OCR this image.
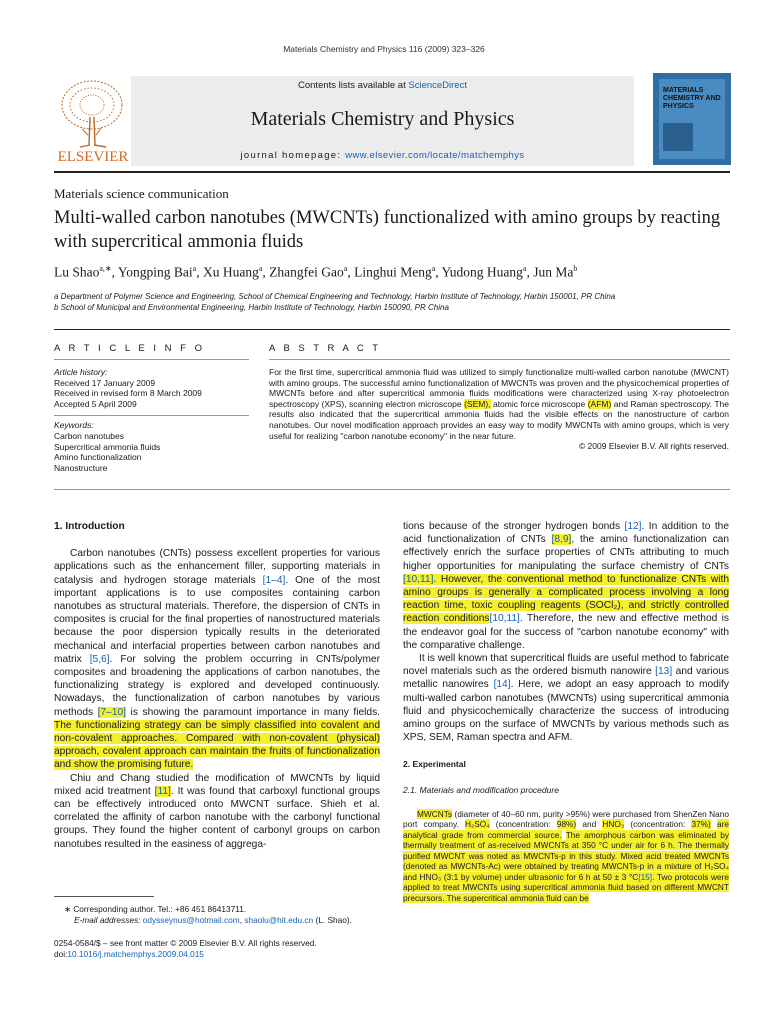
Materials Chemistry and Physics 116 (2009) 323–326
ELSEVIER
Contents lists available at ScienceDirect
Materials Chemistry and Physics
journal homepage: www.elsevier.com/locate/matchemphys
MATERIALS CHEMISTRY AND PHYSICS
Materials science communication
Multi-walled carbon nanotubes (MWCNTs) functionalized with amino groups by reacting with supercritical ammonia fluids
Lu Shao$^{a,∗}$, Yongping Bai$^a$, Xu Huang$^a$, Zhangfei Gao$^a$, Linghui Meng$^a$, Yudong Huang$^a$, Jun Ma$^b$
a Department of Polymer Science and Engineering, School of Chemical Engineering and Technology, Harbin Institute of Technology, Harbin 150001, PR China
b School of Municipal and Environmental Engineering, Harbin Institute of Technology, Harbin 150090, PR China
A R T I C L E I N F O	A B S T R A C T
Article history:
Received 17 January 2009
Received in revised form 8 March 2009
Accepted 5 April 2009
Keywords:
Carbon nanotubes
Supercritical ammonia fluids
Amino functionalization
Nanostructure
For the first time, supercritical ammonia fluid was utilized to simply functionalize multi-walled carbon nanotube (MWCNT) with amino groups. The successful amino functionalization of MWCNTs was proven and the physicochemical properties of MWCNTs before and after supercritical ammonia fluids modifications were characterized using X-ray photoelectron spectroscopy (XPS), scanning electron microscope (SEM), atomic force microscope (AFM) and Raman spectroscopy. The results also indicated that the supercritical ammonia fluids had the visible effects on the nanostructure of carbon nanotubes. Our novel modification approach provides an easy way to modify MWCNTs with amino groups, which is very useful for realizing "carbon nanotube economy" in the near future.
© 2009 Elsevier B.V. All rights reserved.

1. Introduction

Carbon nanotubes (CNTs) possess excellent properties for various applications such as the enhancement filler, supporting materials in catalysis and hydrogen storage materials [1–4]. One of the most important applications is to use composites containing carbon nanotubes as structural materials. Therefore, the dispersion of CNTs in composites is crucial for the final properties of nanostructured materials because the poor dispersion typically results in the deteriorated mechanical and interfacial properties between carbon nanotubes and matrix [5,6]. For solving the problem occurring in CNTs/polymer composites and broadening the applications of carbon nanotubes, the functionalizing strategy is explored and developed continuously. Nowadays, the functionalization of carbon nanotubes by various methods [7–10] is showing the paramount importance in many fields. The functionalizing strategy can be simply classified into covalent and non-covalent approaches. Compared with non-covalent (physical) approach, covalent approach can maintain the fruits of functionalization and show the promising future.

Chiu and Chang studied the modification of MWCNTs by liquid mixed acid treatment [11]. It was found that carboxyl functional groups can be effectively introduced onto MWCNT surface. Shieh et al. correlated the affinity of carbon nanotube with the carbonyl functional groups. They found the higher content of carbonyl groups on carbon nanotubes resulted in the easiness of aggrega-

tions because of the stronger hydrogen bonds [12]. In addition to the acid functionalization of CNTs [8,9], the amino functionalization can effectively enrich the surface properties of CNTs attributing to much higher opportunities for manipulating the surface chemistry of CNTs [10,11]. However, the conventional method to functionalize CNTs with amino groups is generally a complicated process involving a long reaction time, toxic coupling reagents (SOCl₂), and strictly controlled reaction conditions[10,11]. Therefore, the new and effective method is the endeavor goal for the success of "carbon nanotube economy" with the comparative challenge.

It is well known that supercritical fluids are useful method to fabricate novel materials such as the ordered bismuth nanowire [13] and various metallic nanowires [14]. Here, we adopt an easy approach to modify multi-walled carbon nanotubes (MWCNTs) using supercritical ammonia fluid and physicochemically characterize the success of introducing amino groups on the surface of MWCNTs by various methods such as XPS, SEM, Raman spectra and AFM.

2. Experimental

2.1. Materials and modification procedure

MWCNTs (diameter of 40–60 nm, purity >95%) were purchased from ShenZen Nano port company. H₂SO₄ (concentration: 98%) and HNO₃ (concentration: 37%) are analytical grade from commercial source. The amorphous carbon was eliminated by thermally treatment of as-received MWCNTs at 350 °C under air for 6 h. The thermally purified MWCNT was noted as MWCNTs-p in this study. Mixed acid treated MWCNTs (denoted as MWCNTs-Ac) were obtained by treating MWCNTs-p in a mixture of H₂SO₄ and HNO₃ (3:1 by volume) under ultrasonic for 6 h at 50 ± 3 °C[15]. Two protocols were applied to treat MWCNTs using supercritical ammonia fluid based on different MWCNT precursors. The supercritical ammonia fluid can be

∗ Corresponding author. Tel.: +86 451 86413711.
E-mail addresses: odysseynus@hotmail.com, shaolu@hit.edu.cn (L. Shao).
0254-0584/$ – see front matter © 2009 Elsevier B.V. All rights reserved.
doi:10.1016/j.matchemphys.2009.04.015
